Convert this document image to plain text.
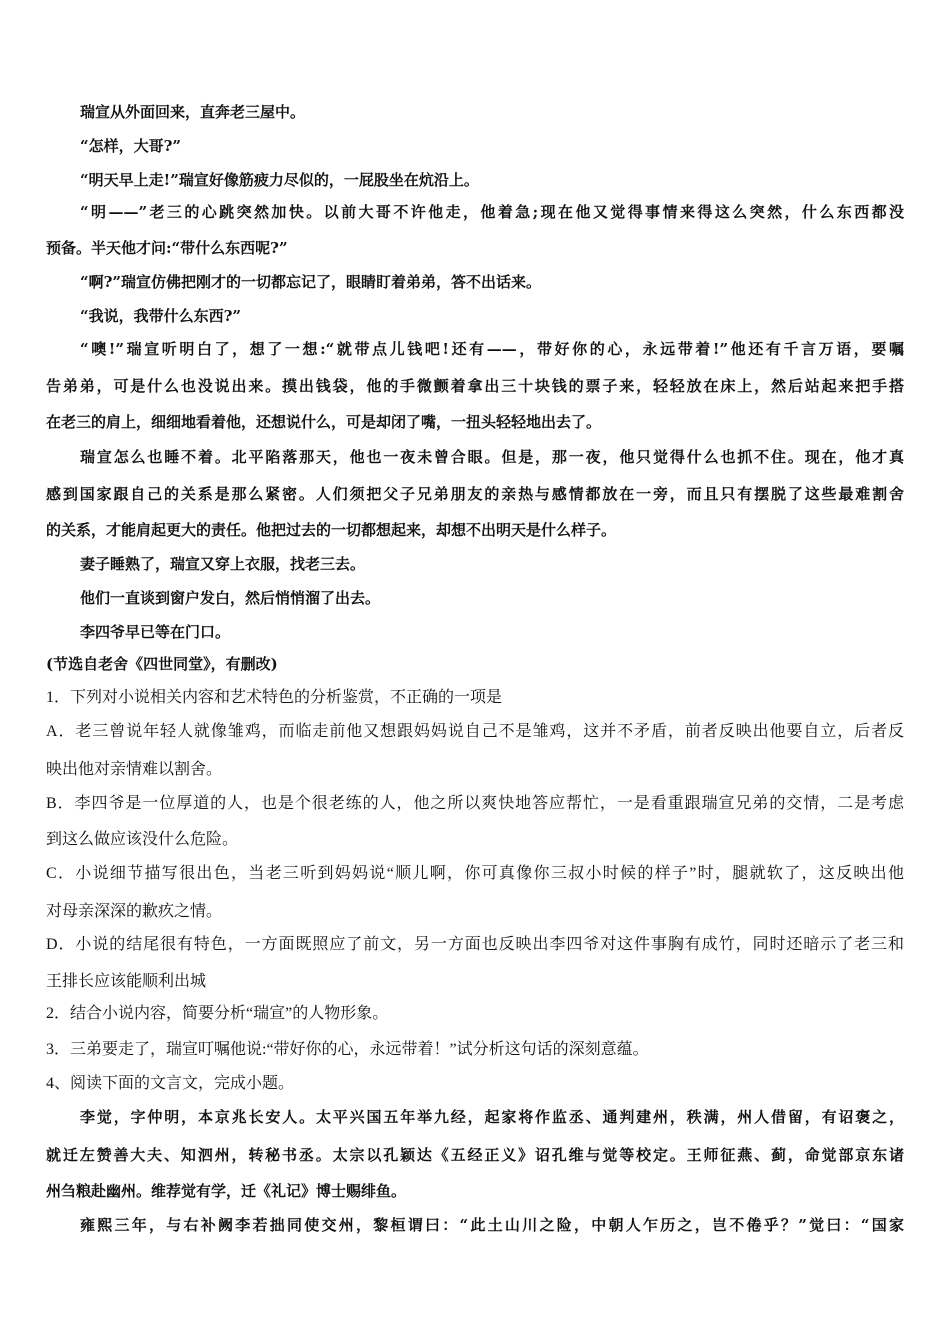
瑞宣从外面回来，直奔老三屋中。
“怎样，大哥?”
“明天早上走!”瑞宣好像筋疲力尽似的，一屁股坐在炕沿上。
“明——”老三的心跳突然加快。以前大哥不许他走，他着急;现在他又觉得事情来得这么突然，什么东西都没
预备。半天他才问:“带什么东西呢?”
“啊?”瑞宣仿佛把刚才的一切都忘记了，眼睛盯着弟弟，答不出话来。
“我说，我带什么东西?”
“噢!”瑞宣听明白了，想了一想:“就带点儿钱吧!还有——，带好你的心，永远带着!”他还有千言万语，要嘱
告弟弟，可是什么也没说出来。摸出钱袋，他的手微颤着拿出三十块钱的票子来，轻轻放在床上，然后站起来把手搭
在老三的肩上，细细地看着他，还想说什么，可是却闭了嘴，一扭头轻轻地出去了。
瑞宣怎么也睡不着。北平陷落那天，他也一夜未曾合眼。但是，那一夜，他只觉得什么也抓不住。现在，他才真
感到国家跟自己的关系是那么紧密。人们须把父子兄弟朋友的亲热与感情都放在一旁，而且只有摆脱了这些最难割舍
的关系，才能肩起更大的责任。他把过去的一切都想起来，却想不出明天是什么样子。
妻子睡熟了，瑞宣又穿上衣服，找老三去。
他们一直谈到窗户发白，然后悄悄溜了出去。
李四爷早已等在门口。
(节选自老舍《四世同堂》，有删改)
1．下列对小说相关内容和艺术特色的分析鉴赏，不正确的一项是
A．老三曾说年轻人就像雏鸡，而临走前他又想跟妈妈说自己不是雏鸡，这并不矛盾，前者反映出他要自立，后者反
映出他对亲情难以割舍。
B．李四爷是一位厚道的人，也是个很老练的人，他之所以爽快地答应帮忙，一是看重跟瑞宣兄弟的交情，二是考虑
到这么做应该没什么危险。
C．小说细节描写很出色，当老三听到妈妈说“顺儿啊，你可真像你三叔小时候的样子”时，腿就软了，这反映出他
对母亲深深的歉疚之情。
D．小说的结尾很有特色，一方面既照应了前文，另一方面也反映出李四爷对这件事胸有成竹，同时还暗示了老三和
王排长应该能顺利出城
2．结合小说内容，简要分析“瑞宣”的人物形象。
3．三弟要走了，瑞宣叮嘱他说:“带好你的心，永远带着！”试分析这句话的深刻意蕴。
4、阅读下面的文言文，完成小题。
李觉，字仲明，本京兆长安人。太平兴国五年举九经，起家将作监丞、通判建州，秩满，州人借留，有诏褒之，
就迁左赞善大夫、知泗州，转秘书丞。太宗以孔颖达《五经正义》诏孔维与觉等校定。王师征燕、蓟，命觉部京东诸
州刍粮赴幽州。维荐觉有学，迁《礼记》博士赐绯鱼。
雍熙三年，与右补阙李若拙同使交州，黎桓谓曰：“此土山川之险，中朝人乍历之，岂不倦乎？”觉曰：“国家
